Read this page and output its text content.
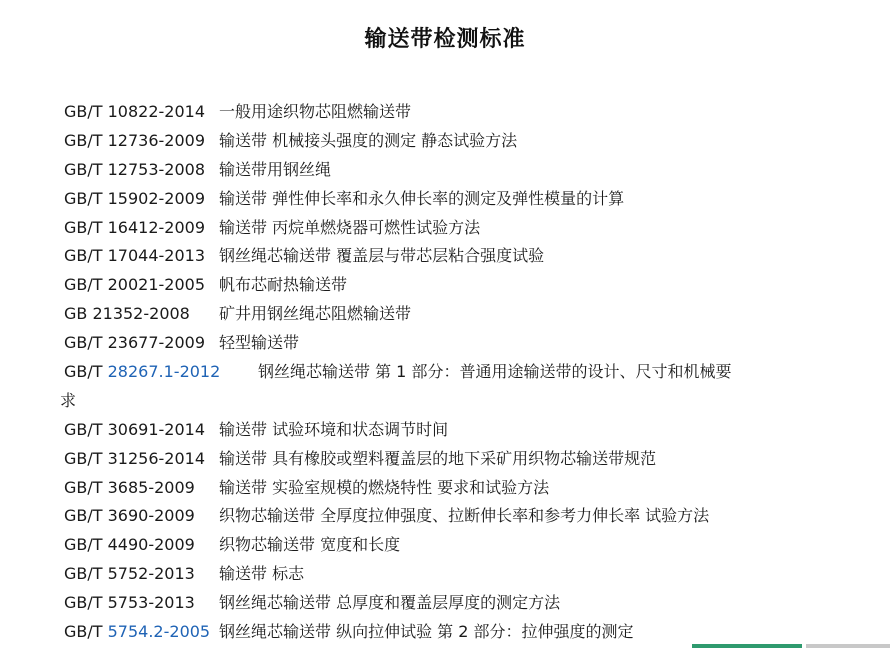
输送带检测标准
GB/T 10822-2014 一般用途织物芯阻燃输送带
GB/T 12736-2009 输送带 机械接头强度的测定 静态试验方法
GB/T 12753-2008 输送带用钢丝绳
GB/T 15902-2009 输送带 弹性伸长率和永久伸长率的测定及弹性模量的计算
GB/T 16412-2009 输送带 丙烷单燃烧器可燃性试验方法
GB/T 17044-2013 钢丝绳芯输送带 覆盖层与带芯层粘合强度试验
GB/T 20021-2005 帆布芯耐热输送带
GB 21352-2008	矿井用钢丝绳芯阻燃输送带
GB/T 23677-2009 轻型输送带
GB/T 28267.1-2012 钢丝绳芯输送带 第 1 部分：普通用途输送带的设计、尺寸和机械要
求
GB/T 30691-2014 输送带 试验环境和状态调节时间
GB/T 31256-2014 输送带 具有橡胶或塑料覆盖层的地下采矿用织物芯输送带规范
GB/T 3685-2009	输送带 实验室规模的燃烧特性 要求和试验方法
GB/T 3690-2009	织物芯输送带 全厚度拉伸强度、拉断伸长率和参考力伸长率 试验方法
GB/T 4490-2009	织物芯输送带 宽度和长度
GB/T 5752-2013	输送带 标志
GB/T 5753-2013	钢丝绳芯输送带 总厚度和覆盖层厚度的测定方法
GB/T 5754.2-2005 钢丝绳芯输送带 纵向拉伸试验 第 2 部分：拉伸强度的测定
